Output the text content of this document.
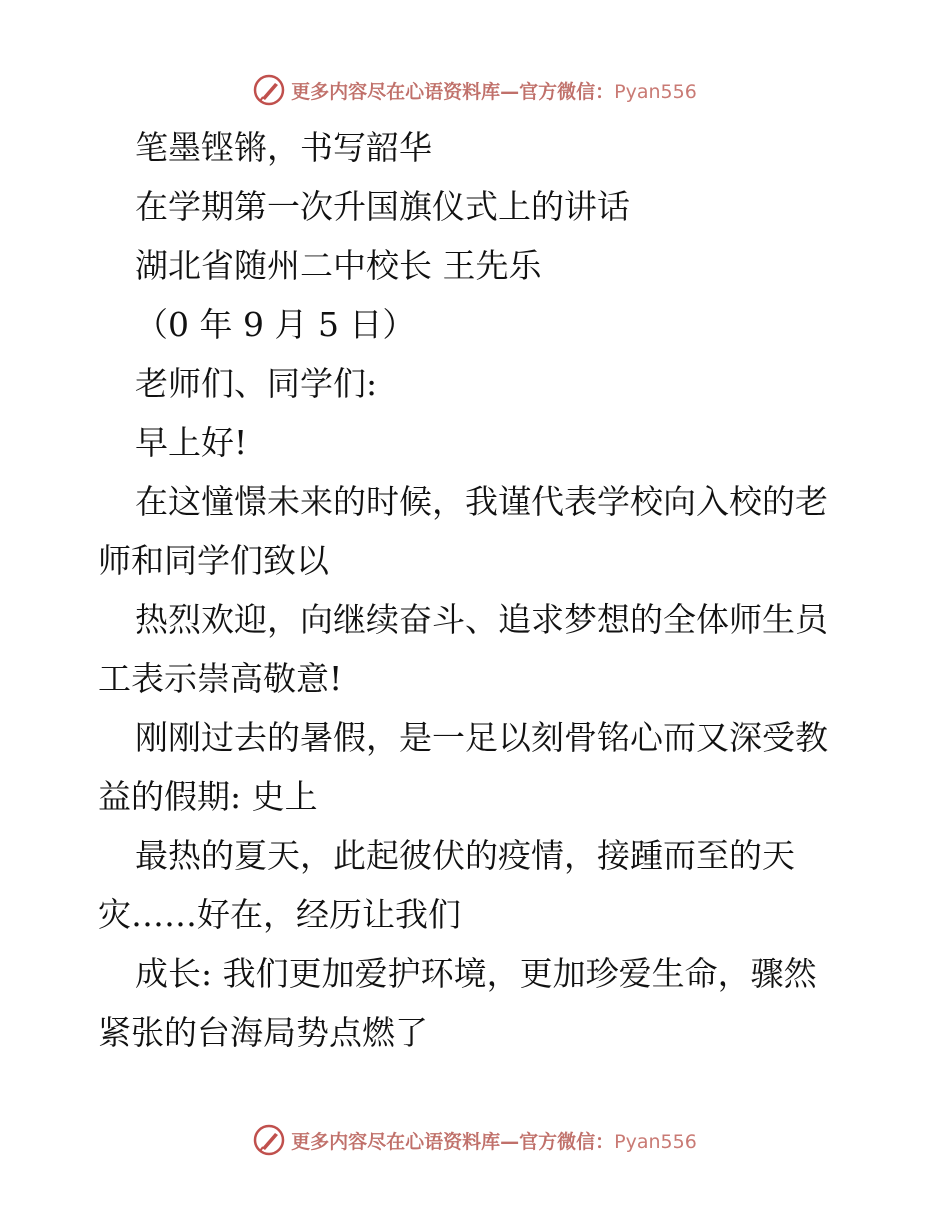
更多内容尽在心语资料库—官方微信：Pyan556
笔墨铿锵，书写韶华
在学期第一次升国旗仪式上的讲话
湖北省随州二中校长 王先乐
（0 年 9 月 5 日）
老师们、同学们:
早上好!
在这憧憬未来的时候，我谨代表学校向入校的老
师和同学们致以
热烈欢迎，向继续奋斗、追求梦想的全体师生员
工表示崇高敬意!
刚刚过去的暑假，是一足以刻骨铭心而又深受教
益的假期: 史上
最热的夏天，此起彼伏的疫情，接踵而至的天
灾……好在，经历让我们
成长: 我们更加爱护环境，更加珍爱生命，骤然
紧张的台海局势点燃了
更多内容尽在心语资料库—官方微信：Pyan556
